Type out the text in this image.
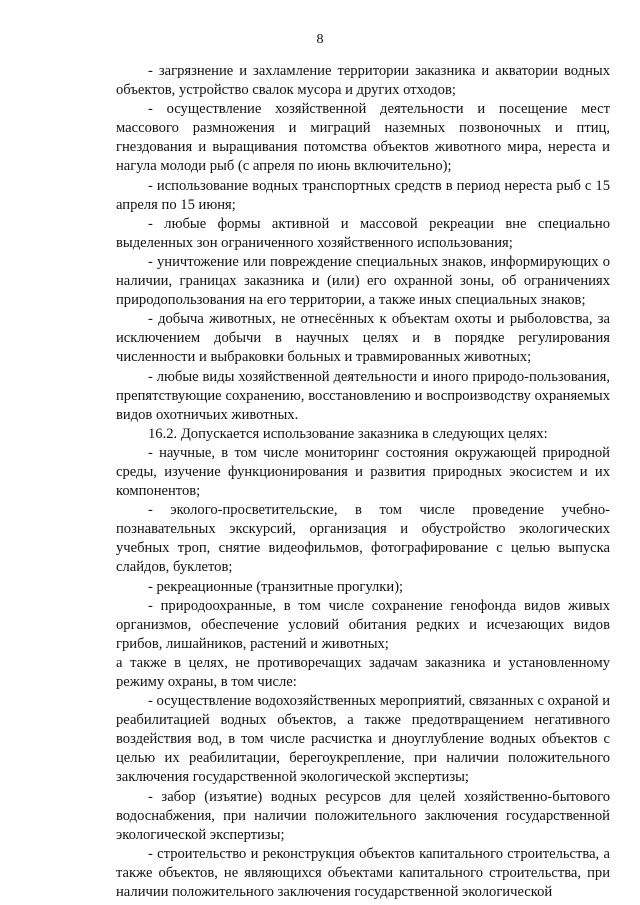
8

- загрязнение и захламление территории заказника и акватории водных объектов, устройство свалок мусора и других отходов;

- осуществление хозяйственной деятельности и посещение мест массового размножения и миграций наземных позвоночных и птиц, гнездования и выращивания потомства объектов животного мира, нереста и нагула молоди рыб (с апреля по июнь включительно);

- использование водных транспортных средств в период нереста рыб с 15 апреля по 15 июня;

- любые формы активной и массовой рекреации вне специально выделенных зон ограниченного хозяйственного использования;

- уничтожение или повреждение специальных знаков, информирующих о наличии, границах заказника и (или) его охранной зоны, об ограничениях природопользования на его территории, а также иных специальных знаков;

- добыча животных, не отнесённых к объектам охоты и рыболовства, за исключением добычи в научных целях и в порядке регулирования численности и выбраковки больных и травмированных животных;

- любые виды хозяйственной деятельности и иного природо-пользования, препятствующие сохранению, восстановлению и воспроизводству охраняемых видов охотничьих животных.

16.2. Допускается использование заказника в следующих целях:

- научные, в том числе мониторинг состояния окружающей природной среды, изучение функционирования и развития природных экосистем и их компонентов;

- эколого-просветительские, в том числе проведение учебно-познавательных экскурсий, организация и обустройство экологических учебных троп, снятие видеофильмов, фотографирование с целью выпуска слайдов, буклетов;

- рекреационные (транзитные прогулки);

- природоохранные, в том числе сохранение генофонда видов живых организмов, обеспечение условий обитания редких и исчезающих видов грибов, лишайников, растений и животных;

а также в целях, не противоречащих задачам заказника и установленному режиму охраны, в том числе:

- осуществление водохозяйственных мероприятий, связанных с охраной и реабилитацией водных объектов, а также предотвращением негативного воздействия вод, в том числе расчистка и дноуглубление водных объектов с целью их реабилитации, берегоукрепление, при наличии положительного заключения государственной экологической экспертизы;

- забор (изъятие) водных ресурсов для целей хозяйственно-бытового водоснабжения, при наличии положительного заключения государственной экологической экспертизы;

- строительство и реконструкция объектов капитального строительства, а также объектов, не являющихся объектами капитального строительства, при наличии положительного заключения государственной экологической
